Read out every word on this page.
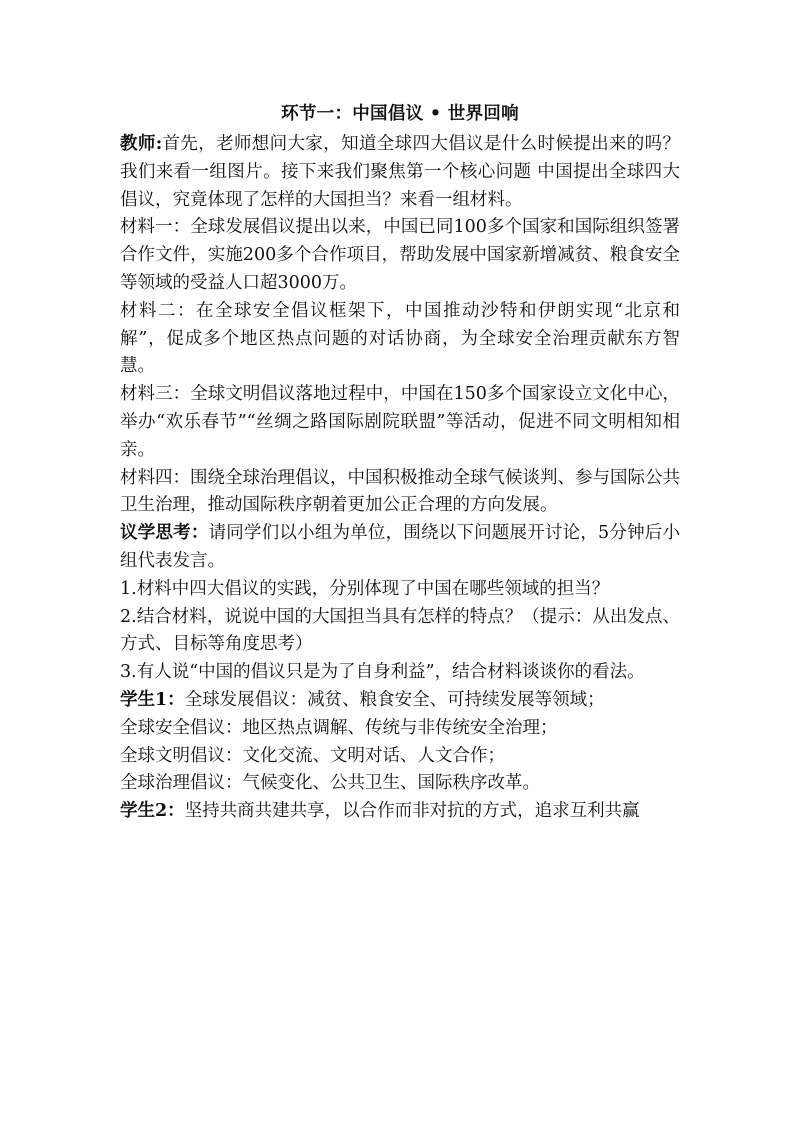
环节一：中国倡议 • 世界回响

教师:首先，老师想问大家，知道全球四大倡议是什么时候提出来的吗？我们来看一组图片。接下来我们聚焦第一个核心问题 中国提出全球四大倡议，究竟体现了怎样的大国担当？来看一组材料。

材料一：全球发展倡议提出以来，中国已同100多个国家和国际组织签署合作文件，实施200多个合作项目，帮助发展中国家新增减贫、粮食安全等领域的受益人口超3000万。

材料二：在全球安全倡议框架下，中国推动沙特和伊朗实现“北京和解”，促成多个地区热点问题的对话协商，为全球安全治理贡献东方智慧。

材料三：全球文明倡议落地过程中，中国在150多个国家设立文化中心，举办“欢乐春节”“丝绸之路国际剧院联盟”等活动，促进不同文明相知相亲。

材料四：围绕全球治理倡议，中国积极推动全球气候谈判、参与国际公共卫生治理，推动国际秩序朝着更加公正合理的方向发展。

议学思考：请同学们以小组为单位，围绕以下问题展开讨论，5分钟后小组代表发言。

1.材料中四大倡议的实践，分别体现了中国在哪些领域的担当？

2.结合材料，说说中国的大国担当具有怎样的特点？（提示：从出发点、方式、目标等角度思考）

3.有人说“中国的倡议只是为了自身利益”，结合材料谈谈你的看法。

学生1：全球发展倡议：减贫、粮食安全、可持续发展等领域；

全球安全倡议：地区热点调解、传统与非传统安全治理；

全球文明倡议：文化交流、文明对话、人文合作；

全球治理倡议：气候变化、公共卫生、国际秩序改革。

学生2：坚持共商共建共享，以合作而非对抗的方式，追求互利共赢
